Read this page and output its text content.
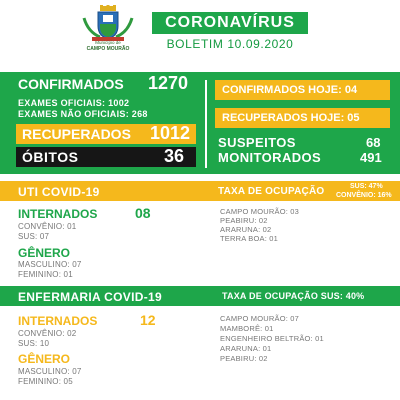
Município de
CAMPO MOURÃO
CORONAVÍRUS
BOLETIM 10.09.2020
CONFIRMADOS 1270
EXAMES OFICIAIS: 1002
EXAMES NÃO OFICIAIS: 268
RECUPERADOS 1012
ÓBITOS	36
CONFIRMADOS HOJE: 04
RECUPERADOS HOJE: 05
SUSPEITOS	68
MONITORADOS	491
UTI COVID-19	TAXA DE OCUPAÇÃO	SUS: 47%
CONVÊNIO: 16%
INTERNADOS	08
CONVÊNIO: 01
SUS: 07
GÊNERO
MASCULINO: 07
FEMININO: 01
CAMPO MOURÃO: 03
PEABIRU: 02
ARARUNA: 02
TERRA BOA: 01
ENFERMARIA COVID-19	TAXA DE OCUPAÇÃO SUS: 40%
INTERNADOS	12
CONVÊNIO: 02
SUS: 10
GÊNERO
MASCULINO: 07
FEMININO: 05
CAMPO MOURÃO: 07
MAMBORÊ: 01
ENGENHEIRO BELTRÃO: 01
ARARUNA: 01
PEABIRU: 02
